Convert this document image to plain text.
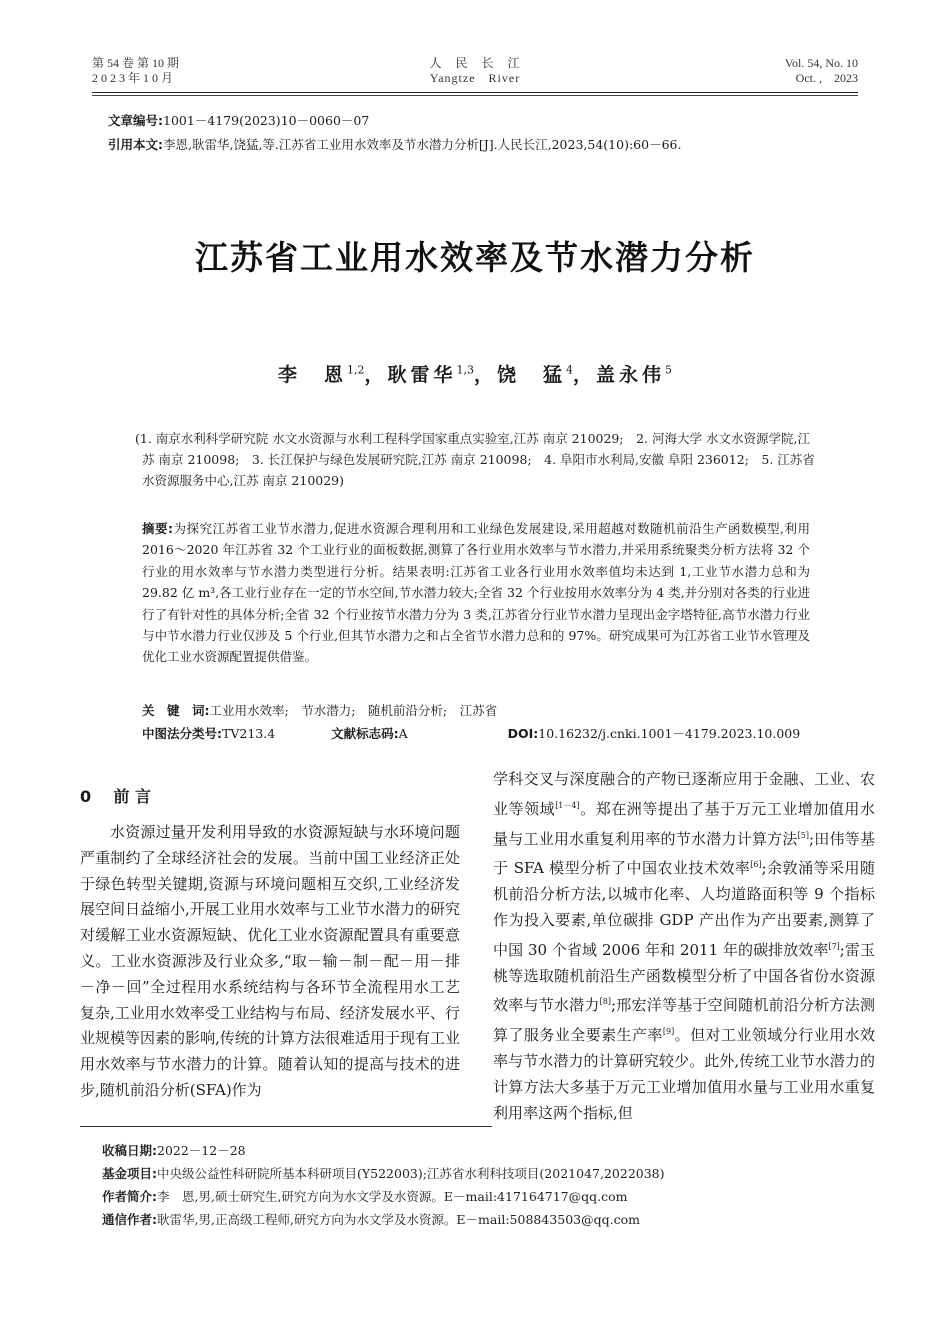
第 54 卷 第 10 期
2 0 2 3 年 1 0 月
人　民　长　江
Yangtze　River
Vol. 54, No. 10
Oct. ,　2023
文章编号:1001－4179(2023)10－0060－07
引用本文:李恩,耿雷华,饶猛,等.江苏省工业用水效率及节水潜力分析[J].人民长江,2023,54(10):60－66.
江苏省工业用水效率及节水潜力分析
李　恩$^{1,2}$，耿雷华$^{1,3}$，饶　猛$^4$，盖永伟$^5$
(1. 南京水利科学研究院 水文水资源与水利工程科学国家重点实验室,江苏 南京 210029;　2. 河海大学 水文水资源学院,江苏 南京 210098;　3. 长江保护与绿色发展研究院,江苏 南京 210098;　4. 阜阳市水利局,安徽 阜阳 236012;　5. 江苏省水资源服务中心,江苏 南京 210029)
摘要:为探究江苏省工业节水潜力,促进水资源合理利用和工业绿色发展建设,采用超越对数随机前沿生产函数模型,利用 2016～2020 年江苏省 32 个工业行业的面板数据,测算了各行业用水效率与节水潜力,并采用系统聚类分析方法将 32 个行业的用水效率与节水潜力类型进行分析。结果表明:江苏省工业各行业用水效率值均未达到 1,工业节水潜力总和为 29.82 亿 m³,各工业行业存在一定的节水空间,节水潜力较大;全省 32 个行业按用水效率分为 4 类,并分别对各类的行业进行了有针对性的具体分析;全省 32 个行业按节水潜力分为 3 类,江苏省分行业节水潜力呈现出金字塔特征,高节水潜力行业与中节水潜力行业仅涉及 5 个行业,但其节水潜力之和占全省节水潜力总和的 97%。研究成果可为江苏省工业节水管理及优化工业水资源配置提供借鉴。
关　键　词:工业用水效率;　节水潜力;　随机前沿分析;　江苏省
中图法分类号:TV213.4	文献标志码:A	DOI:10.16232/j.cnki.1001－4179.2023.10.009
0 前 言
水资源过量开发利用导致的水资源短缺与水环境问题严重制约了全球经济社会的发展。当前中国工业经济正处于绿色转型关键期,资源与环境问题相互交织,工业经济发展空间日益缩小,开展工业用水效率与工业节水潜力的研究对缓解工业水资源短缺、优化工业水资源配置具有重要意义。工业水资源涉及行业众多,“取－输－制－配－用－排－净－回”全过程用水系统结构与各环节全流程用水工艺复杂,工业用水效率受工业结构与布局、经济发展水平、行业规模等因素的影响,传统的计算方法很难适用于现有工业用水效率与节水潜力的计算。随着认知的提高与技术的进步,随机前沿分析(SFA)作为
学科交叉与深度融合的产物已逐渐应用于金融、工业、农业等领域[1－4]。郑在洲等提出了基于万元工业增加值用水量与工业用水重复利用率的节水潜力计算方法[5];田伟等基于 SFA 模型分析了中国农业技术效率[6];余敦涌等采用随机前沿分析方法,以城市化率、人均道路面积等 9 个指标作为投入要素,单位碳排 GDP 产出作为产出要素,测算了中国 30 个省域 2006 年和 2011 年的碳排放效率[7];雷玉桃等选取随机前沿生产函数模型分析了中国各省份水资源效率与节水潜力[8];邢宏洋等基于空间随机前沿分析方法测算了服务业全要素生产率[9]。但对工业领域分行业用水效率与节水潜力的计算研究较少。此外,传统工业节水潜力的计算方法大多基于万元工业增加值用水量与工业用水重复利用率这两个指标,但
收稿日期:2022－12－28
基金项目:中央级公益性科研院所基本科研项目(Y522003);江苏省水利科技项目(2021047,2022038)
作者简介:李　恩,男,硕士研究生,研究方向为水文学及水资源。E－mail:417164717@qq.com
通信作者:耿雷华,男,正高级工程师,研究方向为水文学及水资源。E－mail:508843503@qq.com
